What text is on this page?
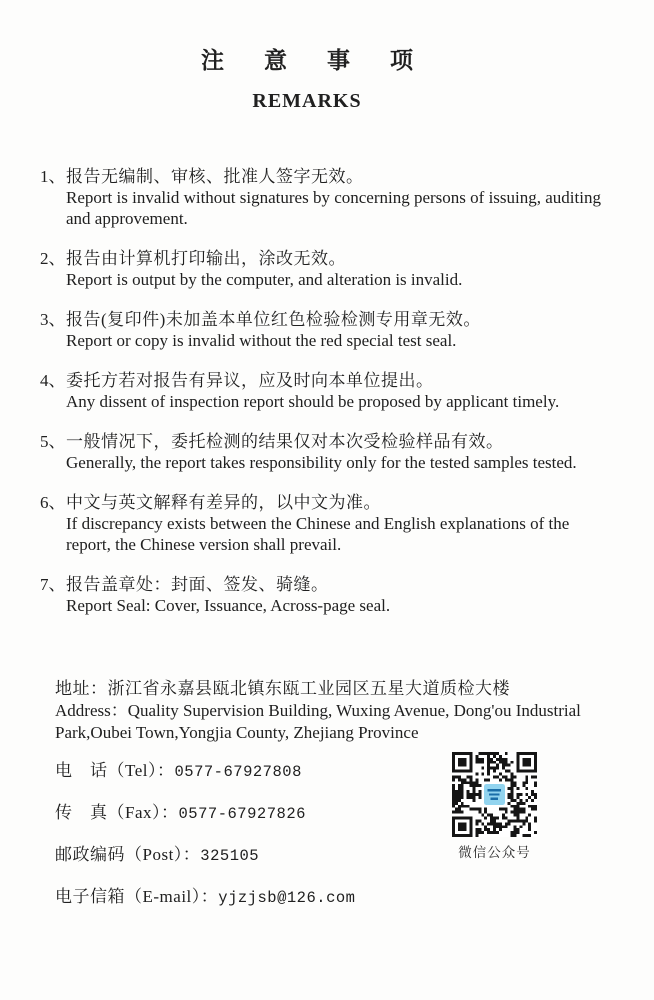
注意事项
REMARKS
1、 报告无编制、审核、批准人签字无效。
Report is invalid without signatures by concerning persons of issuing, auditing and approvement.
2、 报告由计算机打印输出，涂改无效。
Report is output by the computer, and alteration is invalid.
3、 报告(复印件)未加盖本单位红色检验检测专用章无效。
Report or copy is invalid without the red special test seal.
4、 委托方若对报告有异议，应及时向本单位提出。
Any dissent of inspection report should be proposed by applicant timely.
5、 一般情况下，委托检测的结果仅对本次受检验样品有效。
Generally, the report takes responsibility only for the tested samples tested.
6、 中文与英文解释有差异的，以中文为准。
If discrepancy exists between the Chinese and English explanations of the report, the Chinese version shall prevail.
7、 报告盖章处：封面、签发、骑缝。
Report Seal: Cover, Issuance, Across-page seal.
地址：浙江省永嘉县瓯北镇东瓯工业园区五星大道质检大楼
Address：Quality Supervision Building, Wuxing Avenue, Dong'ou Industrial Park,Oubei Town,Yongjia County, Zhejiang Province
电　话（Tel）：0577-67927808
传　真（Fax）：0577-67927826
邮政编码（Post）：325105
电子信箱（E-mail）：yjzjsb@126.com
微信公众号
